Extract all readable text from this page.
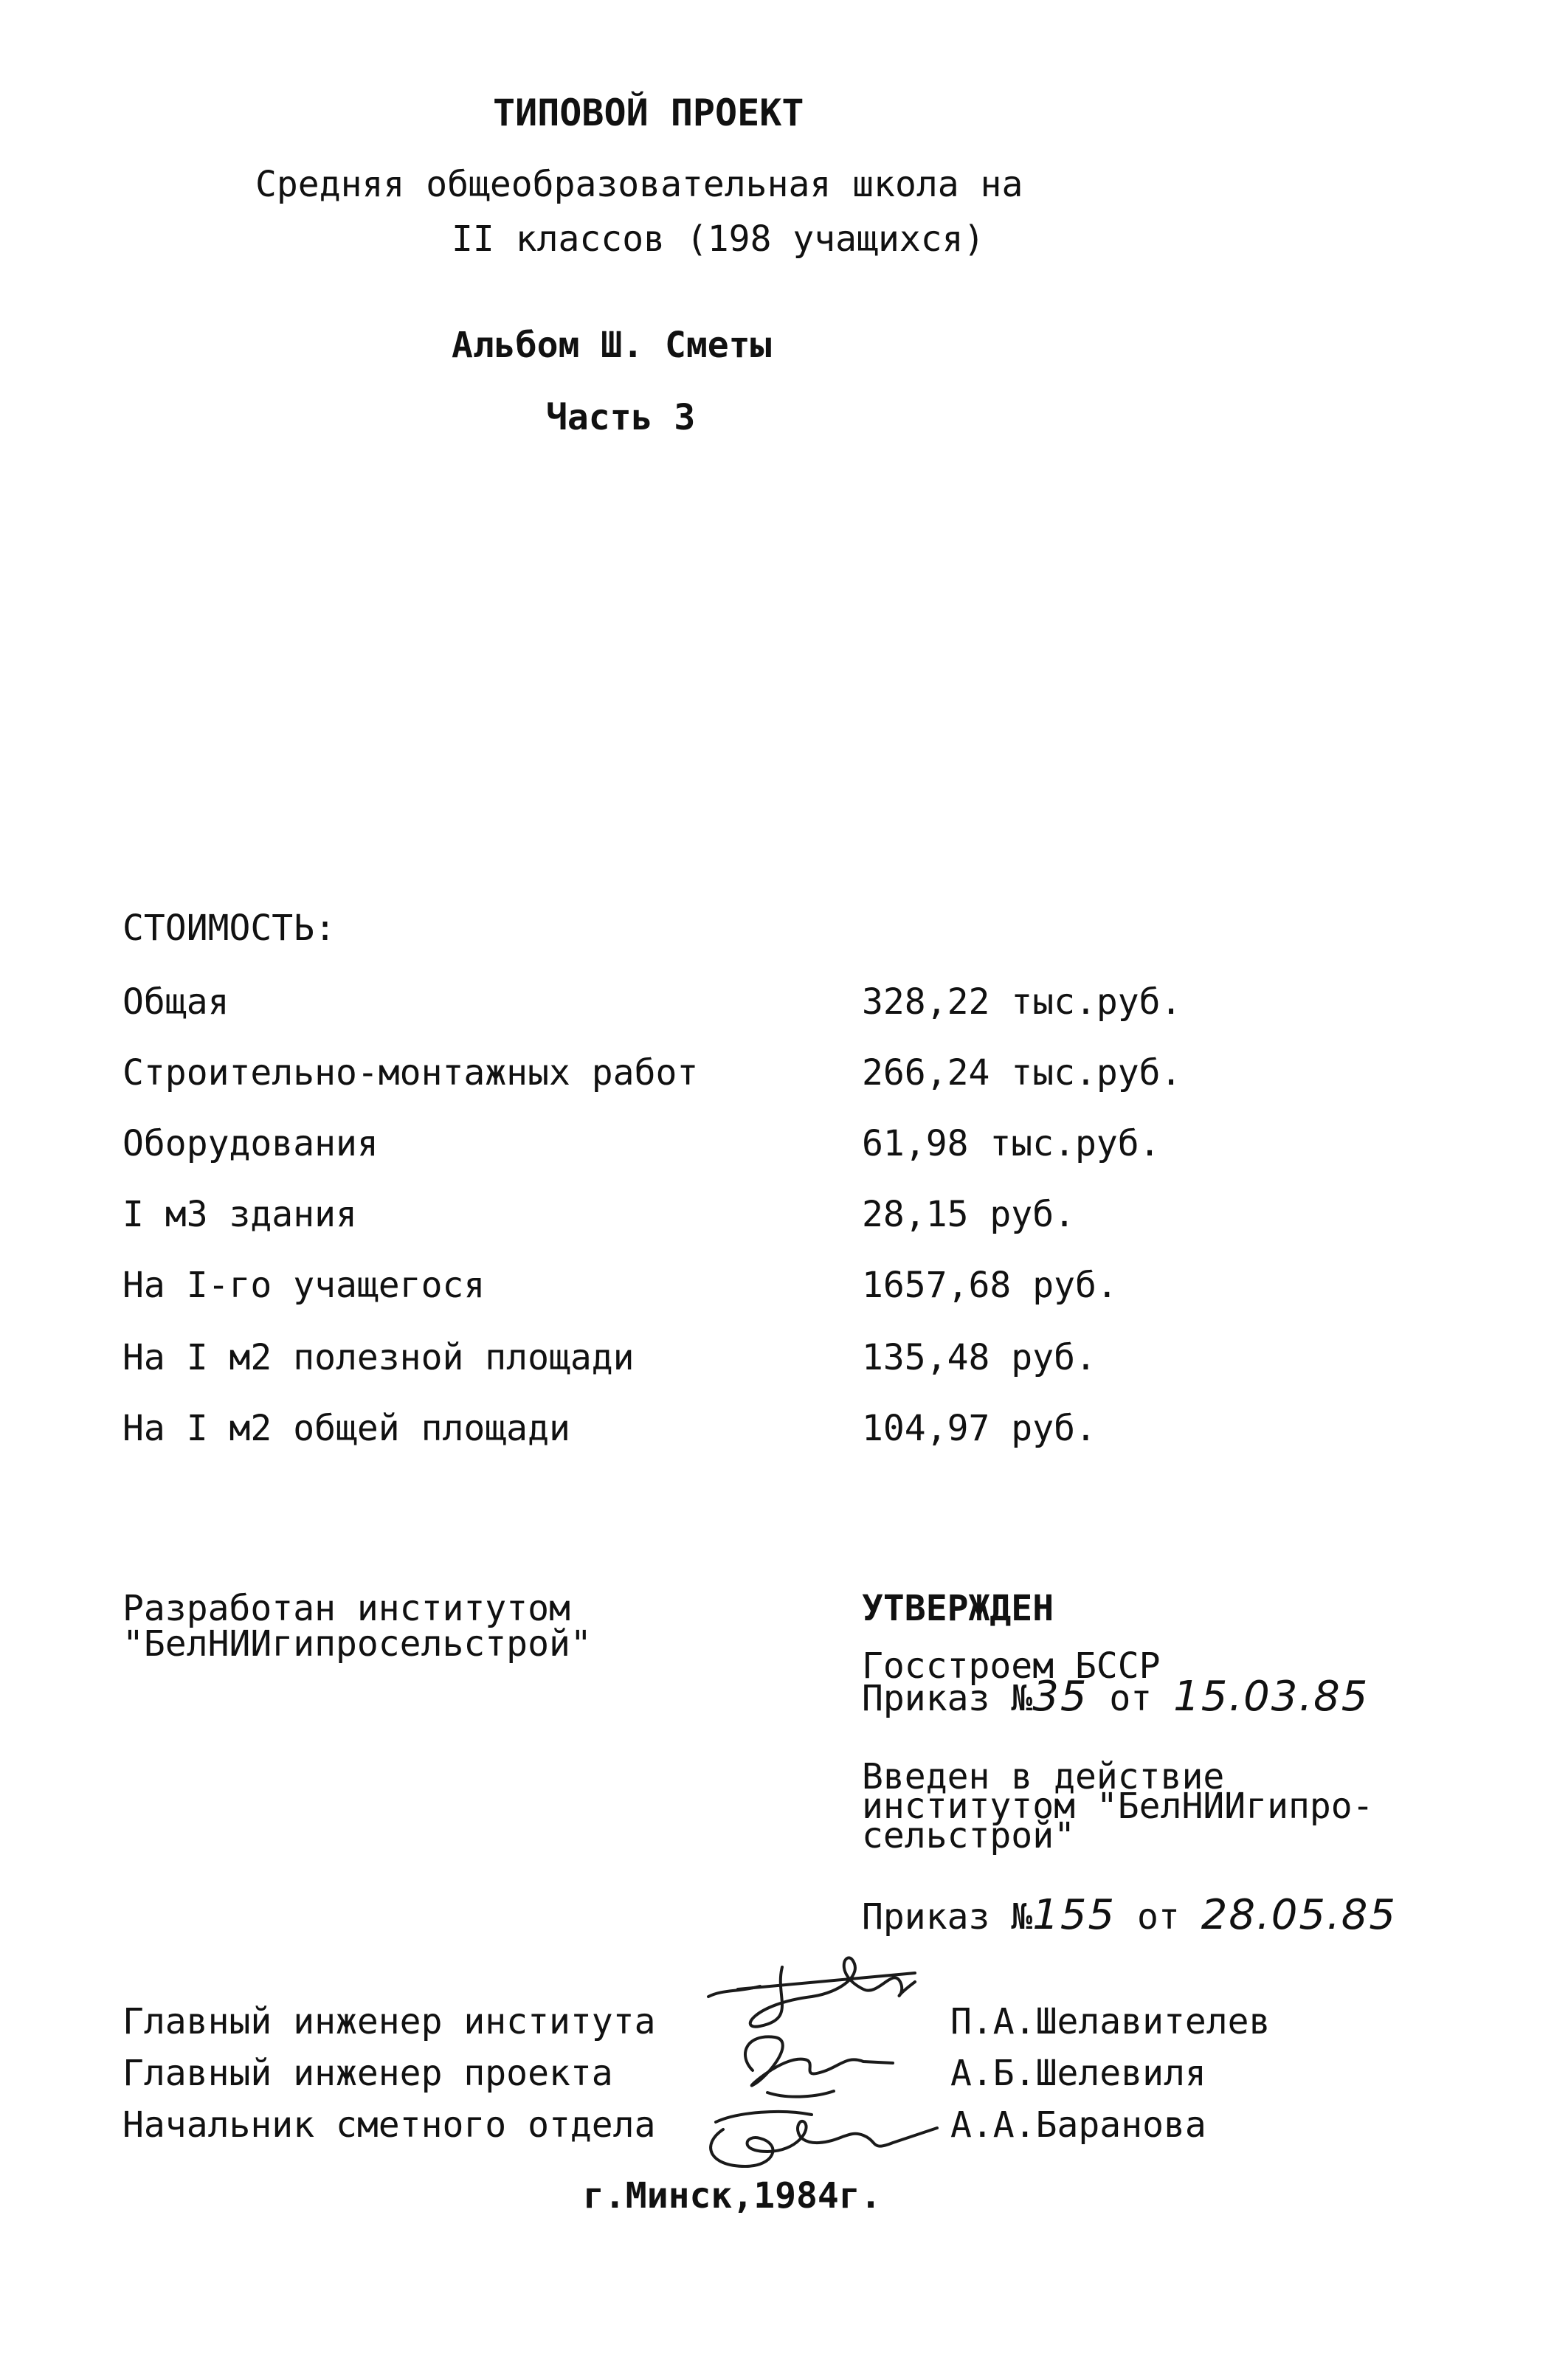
ТИПОВОЙ ПРОЕКТ
Средняя общеобразовательная школа на
II классов (198 учащихся)
Альбом Ш. Сметы
Часть 3
СТОИМОСТЬ:
Общая	328,22 тыс.руб.
Строительно-монтажных работ	266,24 тыс.руб.
Оборудования	61,98 тыс.руб.
I м3 здания	28,15 руб.
На I-го учащегося	1657,68 руб.
На I м2 полезной площади	135,48 руб.
На I м2 общей площади	104,97 руб.
Разработан институтом
"БелНИИгипросельстрой"
УТВЕРЖДЕН
Госстроем БССР
Приказ №35 от 15.03.85
Введен в действие
институтом "БелНИИгипро-
сельстрой"
Приказ №155 от 28.05.85
Главный инженер института	П.А.Шелавителев
Главный инженер проекта	А.Б.Шелевиля
Начальник сметного отдела	А.А.Баранова
г.Минск,1984г.
